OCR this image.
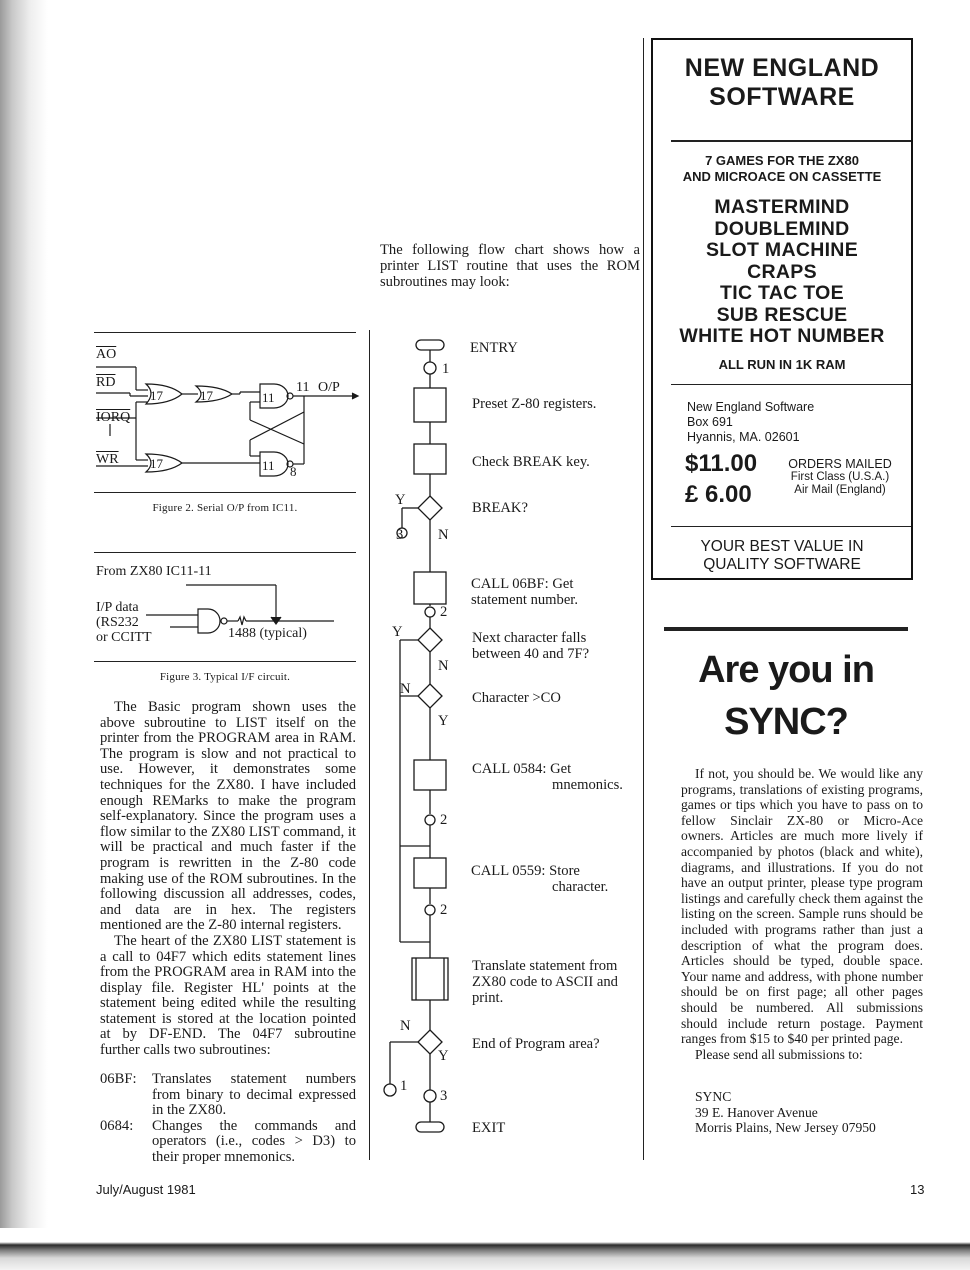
$\overline{AO}$
$\overline{RD}$
IORQ
$\overline{WR}$
17	17
17
11
11
11 O/P
8
Figure 2. Serial O/P from IC11.
From ZX80 IC11-11
I/P data
(RS232
or CCITT	1488 (typical)
Figure 3. Typical I/F circuit.

The Basic program shown uses the above subroutine to LIST itself on the printer from the PROGRAM area in RAM. The program is slow and not practical to use. However, it demonstrates some techniques for the ZX80. I have included enough REMarks to make the program self-explanatory. Since the program uses a flow similar to the ZX80 LIST command, it will be practical and much faster if the program is rewritten in the Z-80 code making use of the ROM subroutines. In the following discussion all addresses, codes, and data are in hex. The registers mentioned are the Z-80 internal registers.

The heart of the ZX80 LIST statement is a call to 04F7 which edits statement lines from the PROGRAM area in RAM into the display file. Register HL' points at the statement being edited while the resulting statement is stored at the location pointed at by DF-END. The 04F7 subroutine further calls two subroutines:

06BF:	Translates statement numbers from binary to decimal expressed in the ZX80.
0684:	Changes the commands and operators (i.e., codes > D3) to their proper mnemonics.
The following flow chart shows how a printer LIST routine that uses the ROM subroutines may look:
1
Y
3 N
2
Y
N
N
Y
2
2
N
Y
1
3
ENTRY
Preset Z-80 registers.
Check BREAK key.
BREAK?
CALL 06BF: Get statement number.
Next character falls between 40 and 7F?
Character >CO
CALL 0584: Get
mnemonics.
CALL 0559: Store
character.
Translate statement from ZX80 code to ASCII and print.
End of Program area?
EXIT
NEW ENGLAND
SOFTWARE
7 GAMES FOR THE ZX80
AND MICROACE ON CASSETTE
MASTERMIND
DOUBLEMIND
SLOT MACHINE
CRAPS
TIC TAC TOE
SUB RESCUE
WHITE HOT NUMBER
ALL RUN IN 1K RAM
New England Software
Box 691
Hyannis, MA. 02601
$11.00
£ 6.00
ORDERS MAILED
First Class (U.S.A.)
Air Mail (England)
YOUR BEST VALUE IN
QUALITY SOFTWARE
Are you in
SYNC?

If not, you should be. We would like any programs, translations of existing programs, games or tips which you have to pass on to fellow Sinclair ZX-80 or Micro-Ace owners. Articles are much more lively if accompanied by photos (black and white), diagrams, and illustrations. If you do not have an output printer, please type program listings and carefully check them against the listing on the screen. Sample runs should be included with programs rather than just a description of what the program does. Articles should be typed, double space. Your name and address, with phone number should be on first page; all other pages should be numbered. All submissions should include return postage. Payment ranges from $15 to $40 per printed page.

Please send all submissions to:

SYNC
39 E. Hanover Avenue
Morris Plains, New Jersey 07950
July/August 1981	13
